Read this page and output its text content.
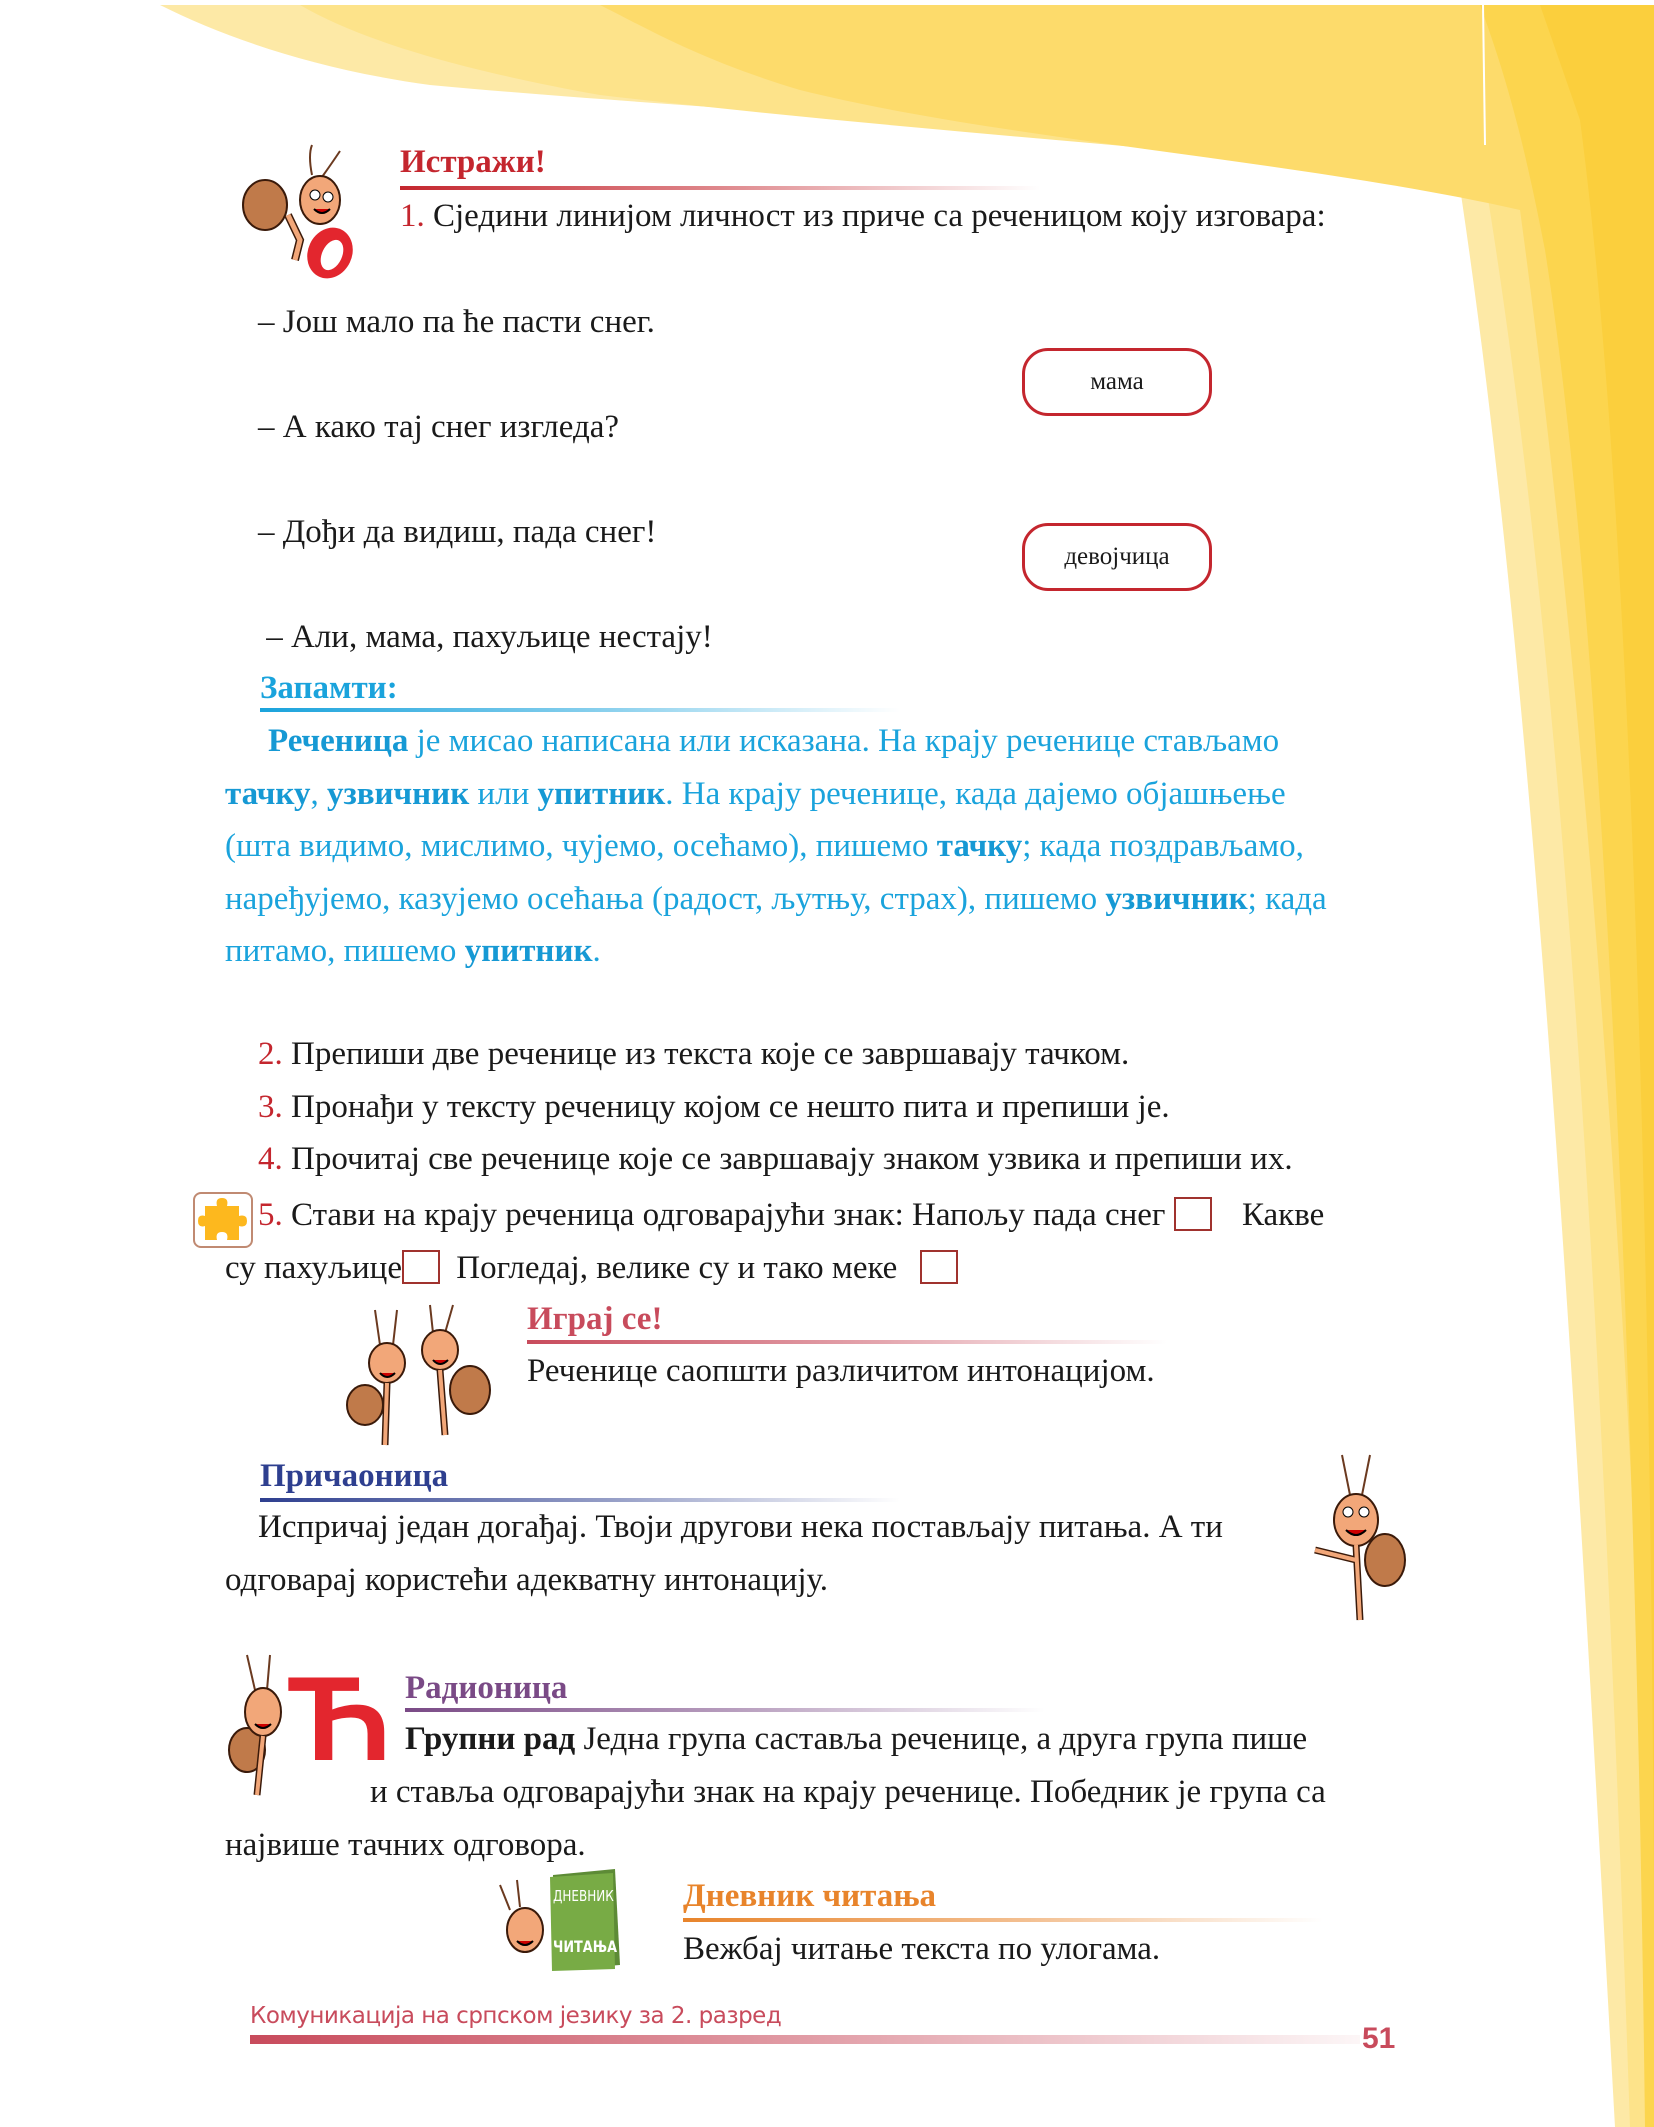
Истражи!
1. Сједини линијом личност из приче са реченицом коју изговара:
– Још мало па ће пасти снег.
– А како тај снег изгледа?
– Дођи да видиш, пада снег!
– Али, мама, пахуљице нестају!
мама
девојчица
Запамти:
Реченица је мисао написана или исказана. На крају реченице стављамо
тачку, узвичник или упитник. На крају реченице, када дајемо објашњење
(шта видимо, мислимо, чујемо, осећамо), пишемо тачку; када поздрављамо,
наређујемо, казујемо осећања (радост, љутњу, страх), пишемо узвичник; када
питамо, пишемо упитник.
2. Препиши две реченице из текста које се завршавају тачком.
3. Пронађи у тексту реченицу којом се нешто пита и препиши је.
4. Прочитај све реченице које се завршавају знаком узвика и препиши их.
5. Стави на крају реченица одговарајући знак: Напољу пада снег Какве
су пахуљице Погледај, велике су и тако меке
Играј се!
Реченице саопшти различитом интонацијом.
Причаоница
Испричај један догађај. Твоји другови нека постављају питања. А ти
одговарај користећи адекватну интонацију.
Ћ Радионица
Групни рад Једна група саставља реченице, а друга група пише
и ставља одговарајући знак на крају реченице. Победник је група са
највише тачних одговора.
ДНЕВНИК
ЧИТАЊА
Дневник читања
Вежбај читање текста по улогама.
Комуникација на српском језику за 2. разред
51
